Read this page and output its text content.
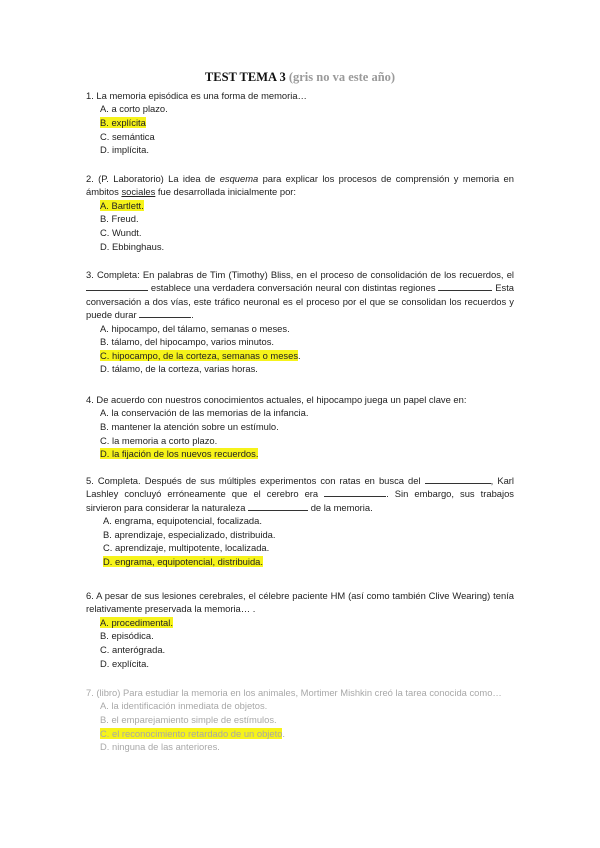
TEST TEMA 3 (gris no va este año)

1. La memoria episódica es una forma de memoria…

A. a corto plazo.

B. explícita

C. semántica

D. implícita.

2. (P. Laboratorio) La idea de esquema para explicar los procesos de comprensión y memoria en ámbitos sociales fue desarrollada inicialmente por:

A. Bartlett.

B. Freud.

C. Wundt.

D. Ebbinghaus.

3. Completa: En palabras de Tim (Timothy) Bliss, en el proceso de consolidación de los recuerdos, el  establece una verdadera conversación neural con distintas regiones	Esta conversación a dos vías, este tráfico neuronal es el proceso por el que se consolidan los recuerdos y puede durar	.

A. hipocampo, del tálamo, semanas o meses.

B. tálamo, del hipocampo, varios minutos.

C. hipocampo, de la corteza, semanas o meses.

D. tálamo, de la corteza, varias horas.

4. De acuerdo con nuestros conocimientos actuales, el hipocampo juega un papel clave en:

A. la conservación de las memorias de la infancia.

B. mantener la atención sobre un estímulo.

C. la memoria a corto plazo.

D. la fijación de los nuevos recuerdos.

5. Completa. Después de sus múltiples experimentos con ratas en busca del	, Karl Lashley concluyó erróneamente que el cerebro era	. Sin embargo, sus trabajos sirvieron para considerar la naturaleza	de la memoria.

A. engrama, equipotencial, focalizada.

B. aprendizaje, especializado, distribuida.

C. aprendizaje, multipotente, localizada.

D. engrama, equipotencial, distribuida.

6. A pesar de sus lesiones cerebrales, el célebre paciente HM (así como también Clive Wearing) tenía relativamente preservada la memoria… .

A. procedimental.

B. episódica.

C. anterógrada.

D. explícita.

7. (libro) Para estudiar la memoria en los animales, Mortimer Mishkin creó la tarea conocida como…

A. la identificación inmediata de objetos.

B. el emparejamiento simple de estímulos.

C. el reconocimiento retardado de un objeto.

D. ninguna de las anteriores.
